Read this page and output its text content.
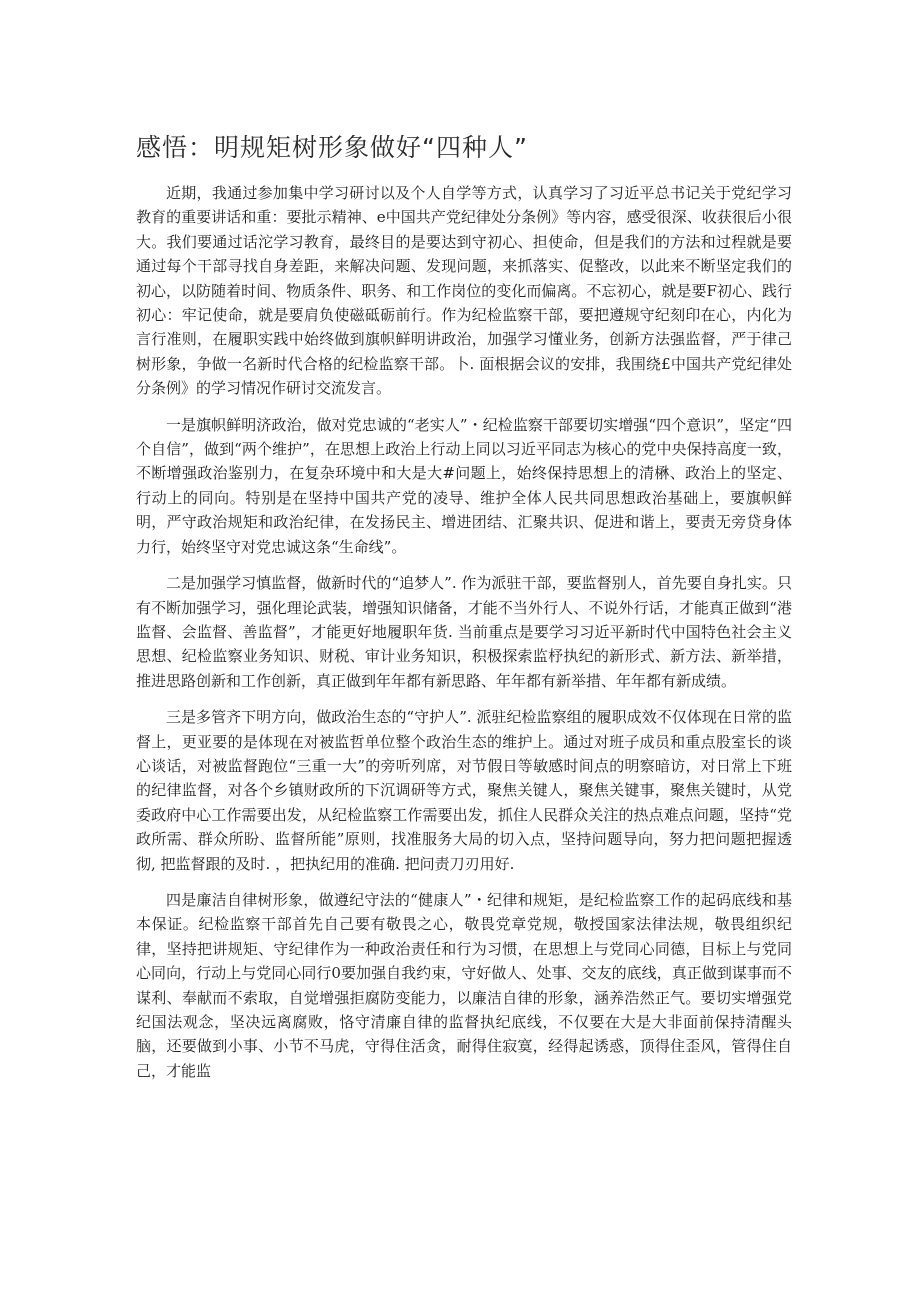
感悟：明规矩树形象做好“四种人”

近期，我通过参加集中学习研讨以及个人自学等方式，认真学习了习近平总书记关于党纪学习教育的重要讲话和重：要批示精神、e中国共产党纪律处分条例》等内容，感受很深、收获很后小很大。我们要通过话沱学习教育，最终目的是要达到守初心、担使命，但是我们的方法和过程就是要通过每个干部寻找自身差距，来解决问题、发现问题，来抓落实、促整改，以此来不断坚定我们的初心，以防随着时间、物质条件、职务、和工作岗位的变化而偏离。不忘初心，就是要F初心、践行初心：牢记使命，就是要肩负使磁砥砺前行。作为纪检监察干部，要把遵规守纪刻印在心，内化为言行准则，在履职实践中始终做到旗帜鲜明讲政治，加强学习懂业务，创新方法强监督，严于律己树形象，争做一名新时代合格的纪检监察干部。卜. 面根据会议的安排，我围绕£中国共产党纪律处分条例》的学习情况作研讨交流发言。

一是旗帜鲜明济政治，做对党忠诚的“老实人”・纪检监察干部要切实增强“四个意识”，坚定“四个自信”，做到“两个维护”，在思想上政治上行动上同以习近平同志为核心的党中央保持高度一致，不断增强政治鉴别力，在复杂环境中和大是大#问题上，始终保持思想上的清楙、政治上的坚定、行动上的同向。特别是在坚持中国共产党的凌导、维护全体人民共同思想政治基础上，要旗帜鲜明，严守政治规矩和政治纪律，在发扬民主、增进团结、汇聚共识、促进和谐上，要责无旁贷身体力行，始终坚守对党忠诚这条“生命线”。

二是加强学习慎监督，做新时代的“追梦人”. 作为派驻干部，要监督别人，首先要自身扎实。只有不断加强学习，强化理论武装，增强知识储备，才能不当外行人、不说外行话，才能真正做到“港监督、会监督、善监督”，才能更好地履职年货. 当前重点是要学习习近平新时代中国特色社会主义思想、纪检监察业务知识、财税、审计业务知识，积极探索监杼执纪的新形式、新方法、新举措，推进思路创新和工作创新，真正做到年年都有新思路、年年都有新举措、年年都有新成绩。

三是多管齐下明方向，做政治生态的“守护人”. 派驻纪检监察组的履职成效不仅体现在日常的监督上，更亚要的是体现在对被监哲单位整个政治生态的维护上。通过对班子成员和重点股室长的谈心谈话，对被监督跑位“三重一大”的旁听列席，对节假日等敏感时间点的明察暗访，对日常上下班的纪律监督，对各个乡镇财政所的下沉调研等方式，聚焦关键人，聚焦关键事，聚焦关键时，从党委政府中心工作需要出发，从纪检监察工作需要出发，抓住人民群众关注的热点难点问题，坚持“党政所需、群众所盼、监督所能”原则，找准服务大局的切入点，坚持问题导向，努力把问题把握透彻, 把监督跟的及时. ，把执纪用的准确. 把问责刀刃用好.

四是廉洁自律树形象，做遵纪守法的“健康人”・纪律和规矩，是纪检监察工作的起码底线和基本保证。纪检监察干部首先自己要有敬畏之心，敬畏党章党规，敬授国家法律法规，敬畏组织纪律，坚持把讲规矩、守纪律作为一种政治责任和行为习惯，在思想上与党同心同德，目标上与党同心同向，行动上与党同心同行0要加强自我约束，守好做人、处事、交友的底线，真正做到谋事而不谋利、奉献而不索取，自觉增强拒腐防变能力，以廉洁自律的形象，涵养浩然正气。要切实增强党纪国法观念，坚决远离腐败，恪守清廉自律的监督执纪底线，不仅要在大是大非面前保持清醒头脑，还要做到小事、小节不马虎，守得住活贪，耐得住寂寞，经得起诱惑，顶得住歪风，管得住自己，才能监
